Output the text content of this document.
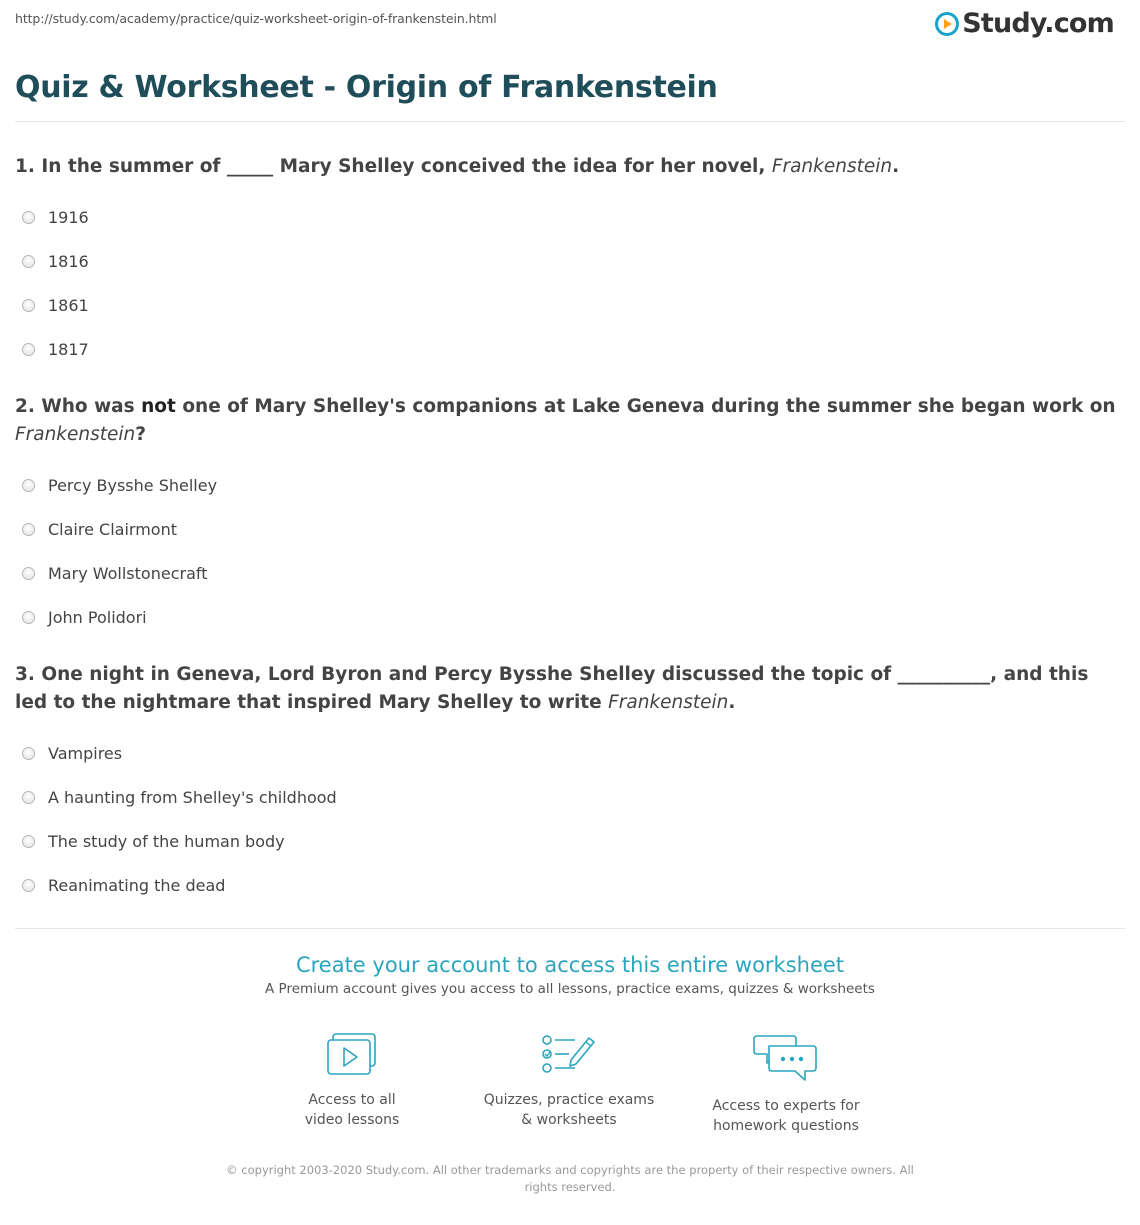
http://study.com/academy/practice/quiz-worksheet-origin-of-frankenstein.html	Study.com
Quiz & Worksheet - Origin of Frankenstein
1. In the summer of _____ Mary Shelley conceived the idea for her novel, Frankenstein.
1916
1816
1861
1817
2. Who was not one of Mary Shelley's companions at Lake Geneva during the summer she began work on Frankenstein?
Percy Bysshe Shelley
Claire Clairmont
Mary Wollstonecraft
John Polidori
3. One night in Geneva, Lord Byron and Percy Bysshe Shelley discussed the topic of __________, and this led to the nightmare that inspired Mary Shelley to write Frankenstein.
Vampires
A haunting from Shelley's childhood
The study of the human body
Reanimating the dead
Create your account to access this entire worksheet
A Premium account gives you access to all lessons, practice exams, quizzes & worksheets
Access to all
video lessons
Quizzes, practice exams
& worksheets
Access to experts for
homework questions
© copyright 2003-2020 Study.com. All other trademarks and copyrights are the property of their respective owners. All rights reserved.
